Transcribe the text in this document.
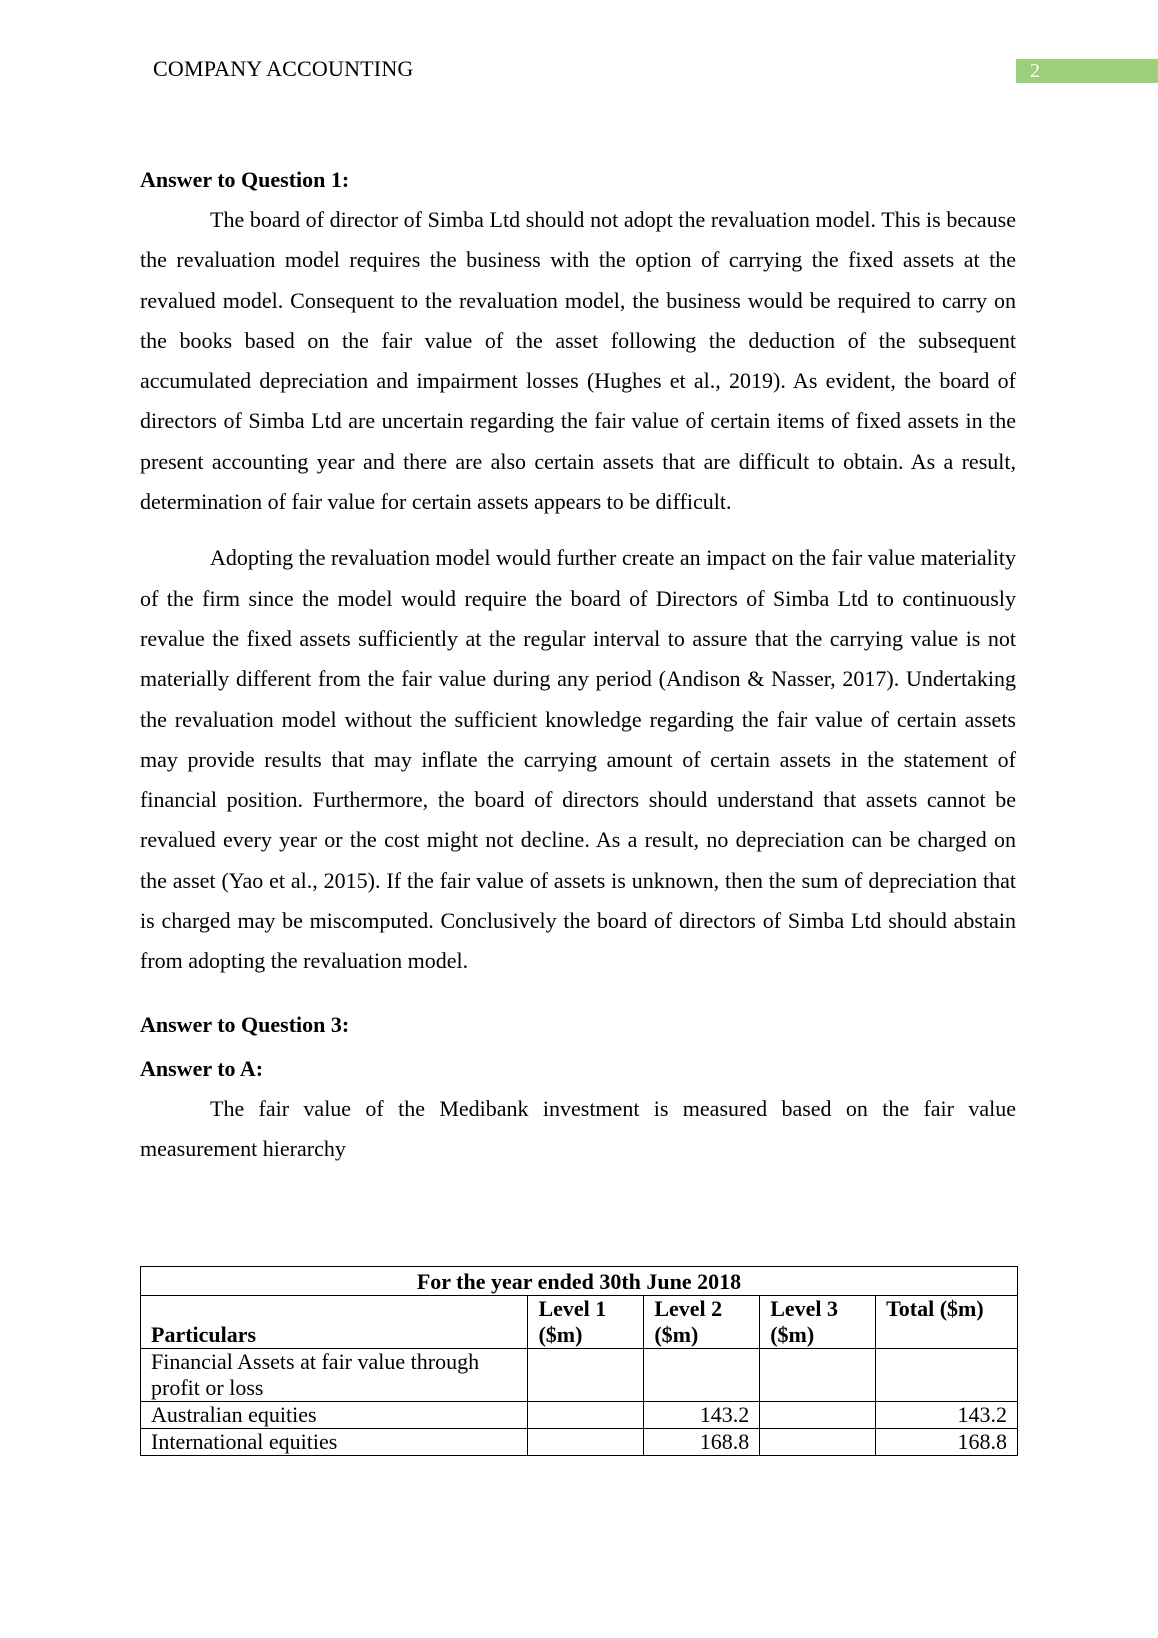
COMPANY ACCOUNTING	2

Answer to Question 1:

The board of director of Simba Ltd should not adopt the revaluation model. This is because the revaluation model requires the business with the option of carrying the fixed assets at the revalued model. Consequent to the revaluation model, the business would be required to carry on the books based on the fair value of the asset following the deduction of the subsequent accumulated depreciation and impairment losses (Hughes et al., 2019). As evident, the board of directors of Simba Ltd are uncertain regarding the fair value of certain items of fixed assets in the present accounting year and there are also certain assets that are difficult to obtain. As a result, determination of fair value for certain assets appears to be difficult.

Adopting the revaluation model would further create an impact on the fair value materiality of the firm since the model would require the board of Directors of Simba Ltd to continuously revalue the fixed assets sufficiently at the regular interval to assure that the carrying value is not materially different from the fair value during any period (Andison & Nasser, 2017). Undertaking the revaluation model without the sufficient knowledge regarding the fair value of certain assets may provide results that may inflate the carrying amount of certain assets in the statement of financial position. Furthermore, the board of directors should understand that assets cannot be revalued every year or the cost might not decline. As a result, no depreciation can be charged on the asset (Yao et al., 2015). If the fair value of assets is unknown, then the sum of depreciation that is charged may be miscomputed. Conclusively the board of directors of Simba Ltd should abstain from adopting the revaluation model.

Answer to Question 3:

Answer to A:

The fair value of the Medibank investment is measured based on the fair value measurement hierarchy

For the year ended 30th June 2018				
Particulars	Level 1 ($m)	Level 2 ($m)	Level 3 ($m)	Total ($m)
Financial Assets at fair value through profit or loss				
Australian equities		143.2		143.2
International equities		168.8		168.8
